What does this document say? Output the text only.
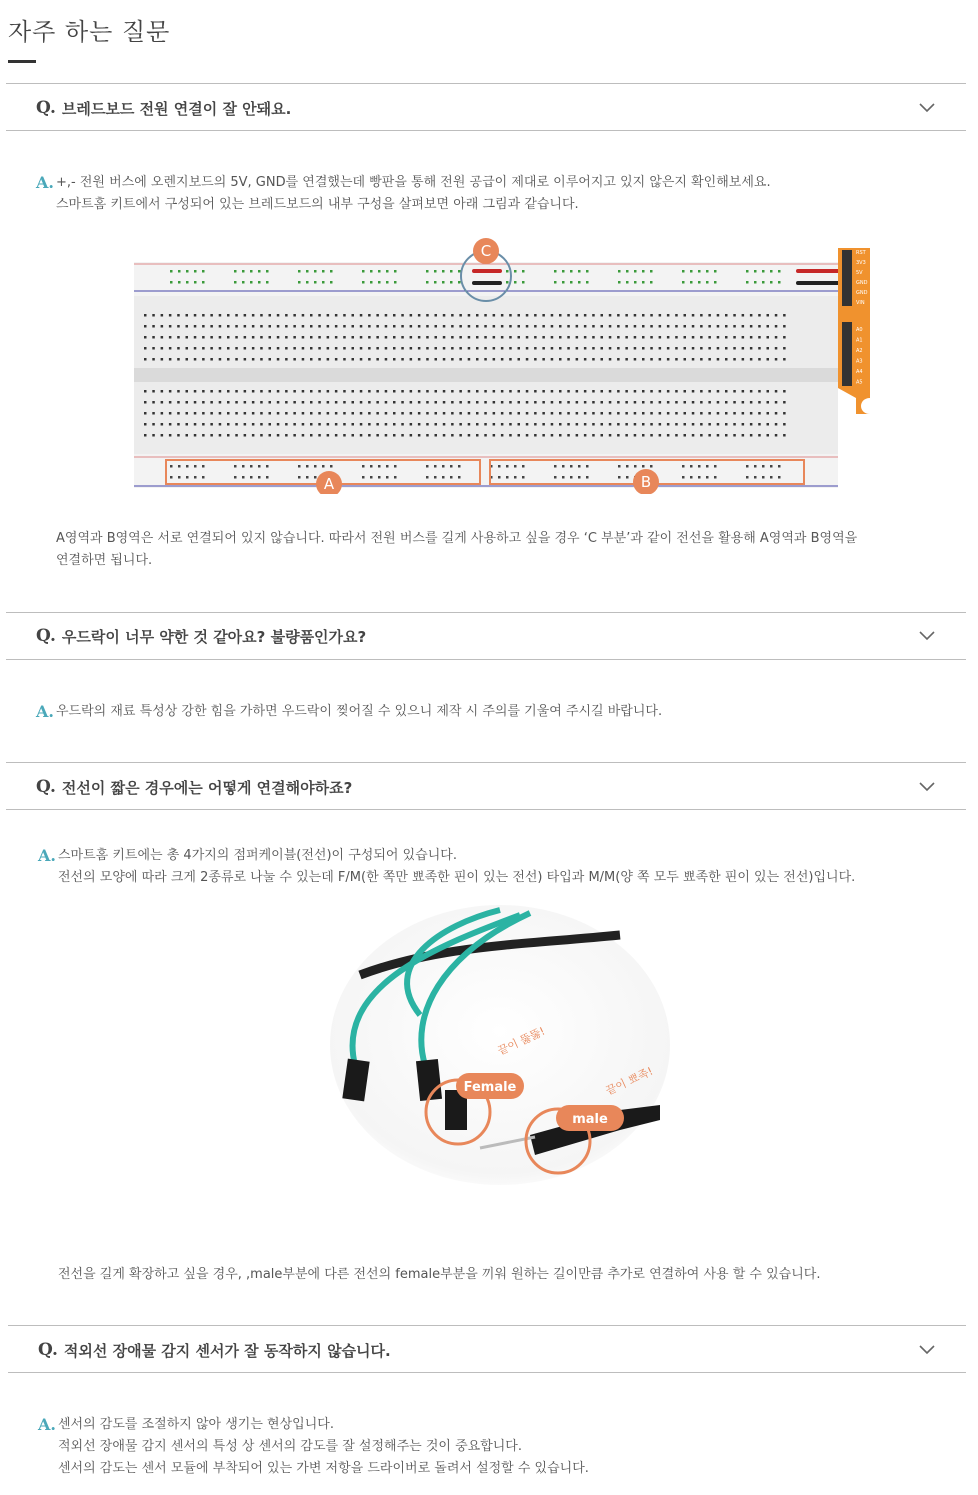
자주 하는 질문
Q. 브레드보드 전원 연결이 잘 안돼요.
A. +,- 전원 버스에 오렌지보드의 5V, GND를 연결했는데 빵판을 통해 전원 공급이 제대로 이루어지고 있지 않은지 확인해보세요.
스마트홈 키트에서 구성되어 있는 브레드보드의 내부 구성을 살펴보면 아래 그림과 같습니다.
RST
3V3
5V
GND
GND
VIN
A0
A1
A2
A3
A4
A5
C
A	B
A영역과 B영역은 서로 연결되어 있지 않습니다. 따라서 전원 버스를 길게 사용하고 싶을 경우 ‘C 부분’과 같이 전선을 활용해 A영역과 B영역을
연결하면 됩니다.
Q. 우드락이 너무 약한 것 같아요? 불량품인가요?
A. 우드락의 재료 특성상 강한 힘을 가하면 우드락이 찢어질 수 있으니 제작 시 주의를 기울여 주시길 바랍니다.
Q. 전선이 짧은 경우에는 어떻게 연결해야하죠?
A. 스마트홈 키트에는 총 4가지의 점퍼케이블(전선)이 구성되어 있습니다.
전선의 모양에 따라 크게 2종류로 나눌 수 있는데 F/M(한 쪽만 뾰족한 핀이 있는 전선) 타입과 M/M(양 쪽 모두 뾰족한 핀이 있는 전선)입니다.
Female
male
끝이 뚫뚫!
끝이 뾰족!
전선을 길게 확장하고 싶을 경우, ,male부분에 다른 전선의 female부분을 끼워 원하는 길이만큼 추가로 연결하여 사용 할 수 있습니다.
Q. 적외선 장애물 감지 센서가 잘 동작하지 않습니다.
A. 센서의 감도를 조절하지 않아 생기는 현상입니다.
적외선 장애물 감지 센서의 특성 상 센서의 감도를 잘 설정해주는 것이 중요합니다.
센서의 감도는 센서 모듈에 부착되어 있는 가변 저항을 드라이버로 돌려서 설정할 수 있습니다.
